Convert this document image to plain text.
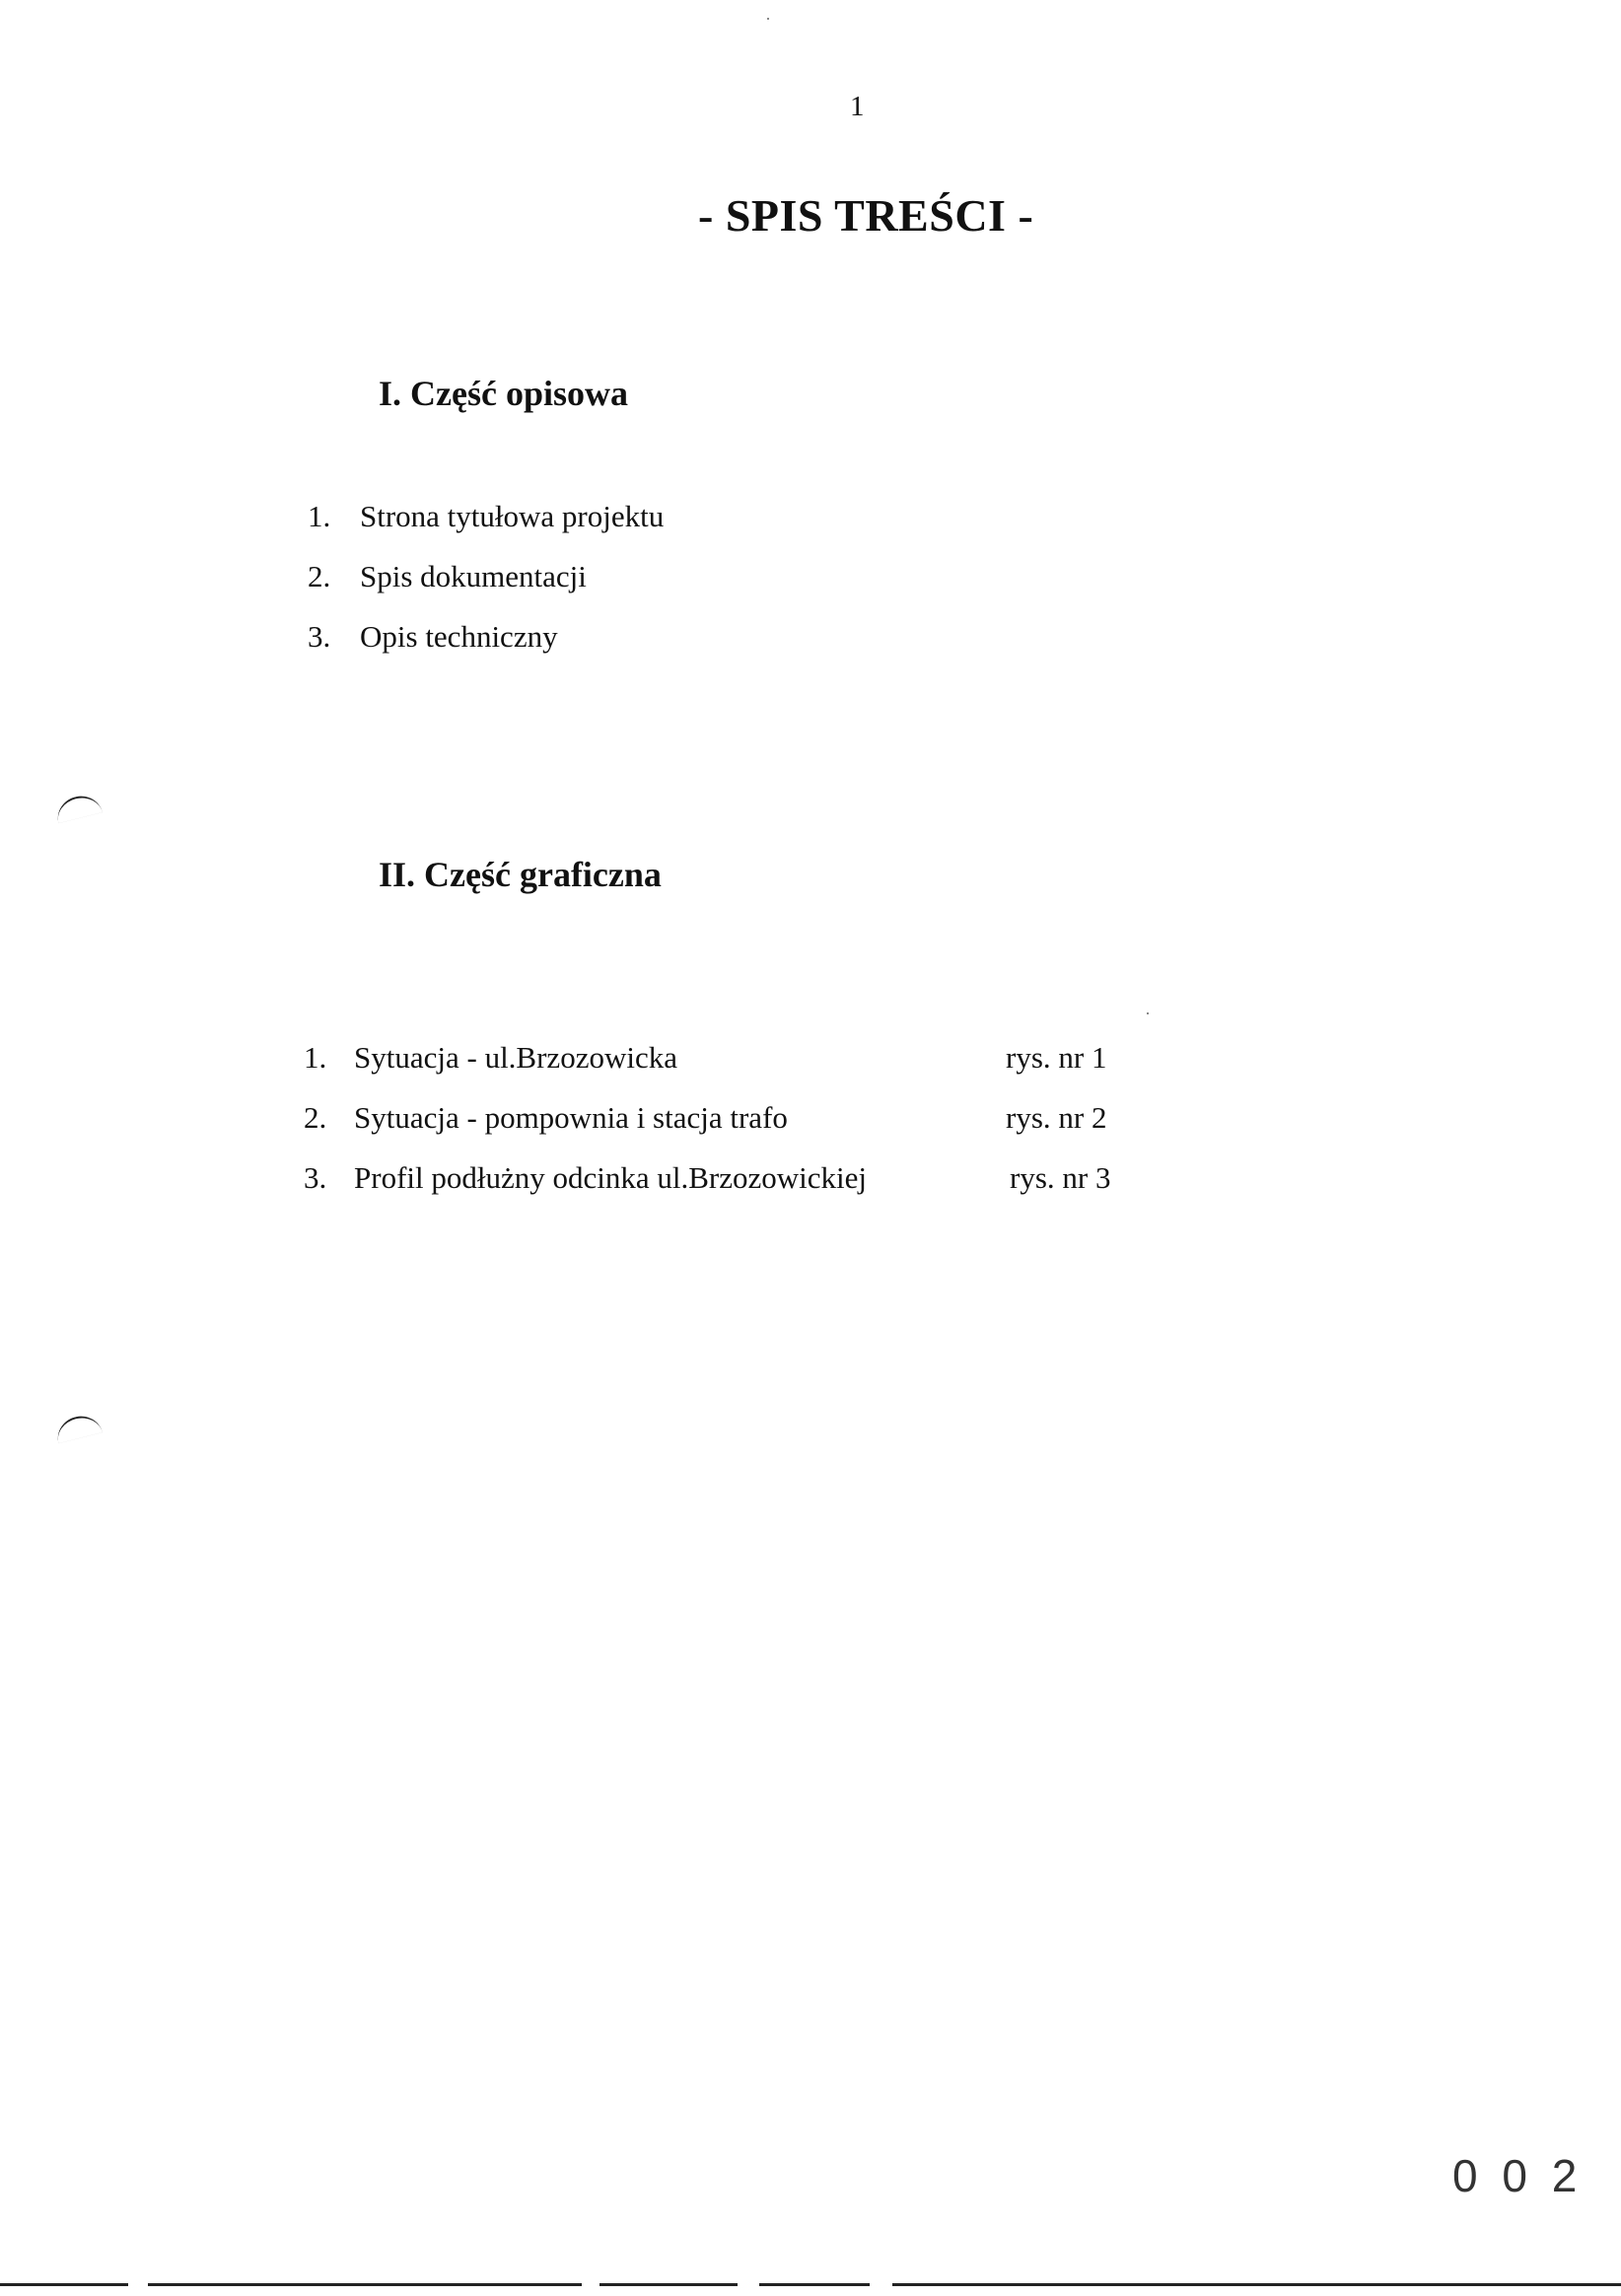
1
- SPIS TREŚCI -
I. Część opisowa
1. Strona tytułowa projektu
2. Spis dokumentacji
3. Opis techniczny
II. Część graficzna
1. Sytuacja - ul.Brzozowicka	rys. nr 1
2. Sytuacja - pompownia i stacja trafo	rys. nr 2
3. Profil podłużny odcinka ul.Brzozowickiej	rys. nr 3
0 0 2
